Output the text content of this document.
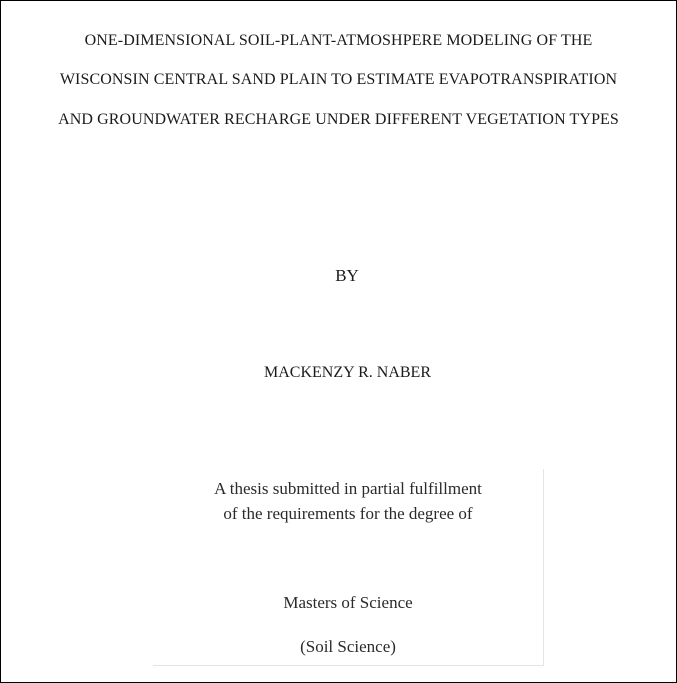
ONE-DIMENSIONAL SOIL-PLANT-ATMOSHPERE MODELING OF THE
WISCONSIN CENTRAL SAND PLAIN TO ESTIMATE EVAPOTRANSPIRATION
AND GROUNDWATER RECHARGE UNDER DIFFERENT VEGETATION TYPES
BY
MACKENZY R. NABER
A thesis submitted in partial fulfillment
of the requirements for the degree of
Masters of Science
(Soil Science)
